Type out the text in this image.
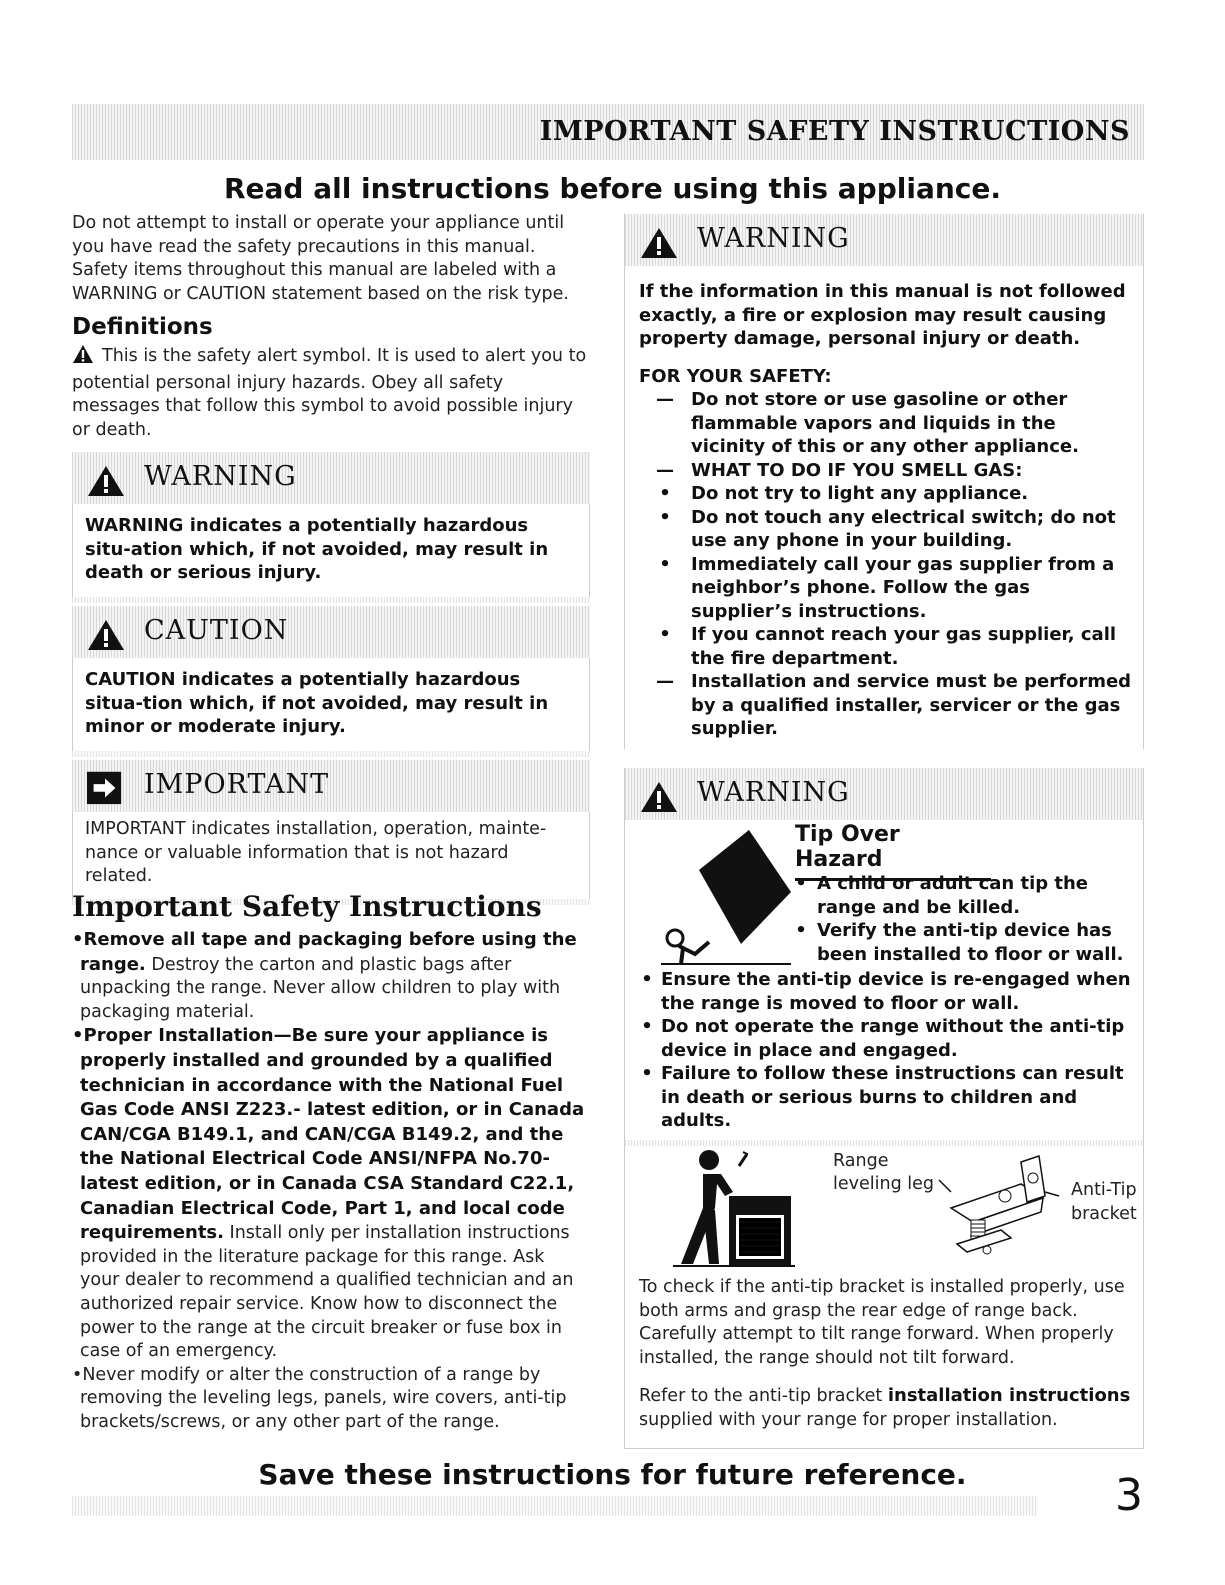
IMPORTANT SAFETY INSTRUCTIONS
Read all instructions before using this appliance.
Do not attempt to install or operate your appliance until you have read the safety precautions in this manual. Safety items throughout this manual are labeled with a WARNING or CAUTION statement based on the risk type.
Definitions
This is the safety alert symbol. It is used to alert you to potential personal injury hazards. Obey all safety messages that follow this symbol to avoid possible injury or death.
WARNING
WARNING indicates a potentially hazardous situ-ation which, if not avoided, may result in death or serious injury.
CAUTION
CAUTION indicates a potentially hazardous situa-tion which, if not avoided, may result in minor or moderate injury.
IMPORTANT
IMPORTANT indicates installation, operation, mainte-nance or valuable information that is not hazard related.
Important Safety Instructions
•Remove all tape and packaging before using the range. Destroy the carton and plastic bags after unpacking the range. Never allow children to play with packaging material.
•Proper Installation—Be sure your appliance is properly installed and grounded by a qualified technician in accordance with the National Fuel Gas Code ANSI Z223.- latest edition, or in Canada CAN/CGA B149.1, and CAN/CGA B149.2, and the the National Electrical Code ANSI/NFPA No.70-latest edition, or in Canada CSA Standard C22.1, Canadian Electrical Code, Part 1, and local code requirements. Install only per installation instructions provided in the literature package for this range. Ask your dealer to recommend a qualified technician and an authorized repair service. Know how to disconnect the power to the range at the circuit breaker or fuse box in case of an emergency.
•Never modify or alter the construction of a range by removing the leveling legs, panels, wire covers, anti-tip brackets/screws, or any other part of the range.
WARNING
If the information in this manual is not followed exactly, a fire or explosion may result causing property damage, personal injury or death.
FOR YOUR SAFETY:
— Do not store or use gasoline or other flammable vapors and liquids in the vicinity of this or any other appliance.
— WHAT TO DO IF YOU SMELL GAS:
•	Do not try to light any appliance.
•	Do not touch any electrical switch; do not use any phone in your building.
•	Immediately call your gas supplier from a neighbor’s phone. Follow the gas supplier’s instructions.
•	If you cannot reach your gas supplier, call the fire department.
— Installation and service must be performed by a qualified installer, servicer or the gas supplier.
WARNING
Tip Over Hazard
• A child or adult can tip the range and be killed.
• Verify the anti-tip device has been installed to floor or wall.
• Ensure the anti-tip device is re-engaged when the range is moved to floor or wall.
• Do not operate the range without the anti-tip device in place and engaged.
• Failure to follow these instructions can result in death or serious burns to children and adults.
Range
leveling leg	Anti-Tip
bracket
To check if the anti-tip bracket is installed properly, use both arms and grasp the rear edge of range back. Carefully attempt to tilt range forward. When properly installed, the range should not tilt forward.
Refer to the anti-tip bracket installation instructions supplied with your range for proper installation.
Save these instructions for future reference.	3
